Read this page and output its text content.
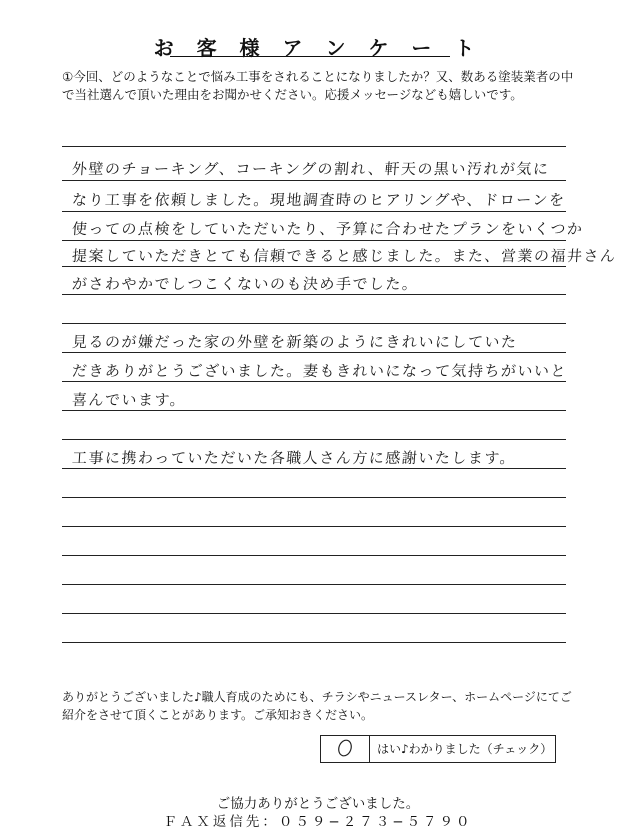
お 客 様 ア ン ケ ー ト
①今回、どのようなことで悩み工事をされることになりましたか？又、数ある塗装業者の中で当社選んで頂いた理由をお聞かせください。応援メッセージなども嬉しいです。
外壁のチョーキング、コーキングの割れ、軒天の黒い汚れが気に
なり工事を依頼しました。現地調査時のヒアリングや、ドローンを
使っての点検をしていただいたり、予算に合わせたプランをいくつか
提案していただきとても信頼できると感じました。また、営業の福井さん
がさわやかでしつこくないのも決め手でした。
見るのが嫌だった家の外壁を新築のようにきれいにしていた
だきありがとうございました。妻もきれいになって気持ちがいいと
喜んでいます。
工事に携わっていただいた各職人さん方に感謝いたします。
ありがとうございました♪職人育成のためにも、チラシやニュースレター、ホームページにてご紹介をさせて頂くことがあります。ご承知おきください。
はい♪わかりました（チェック）
ご協力ありがとうございました。
ＦＡＸ返信先：０５９−２７３−５７９０
